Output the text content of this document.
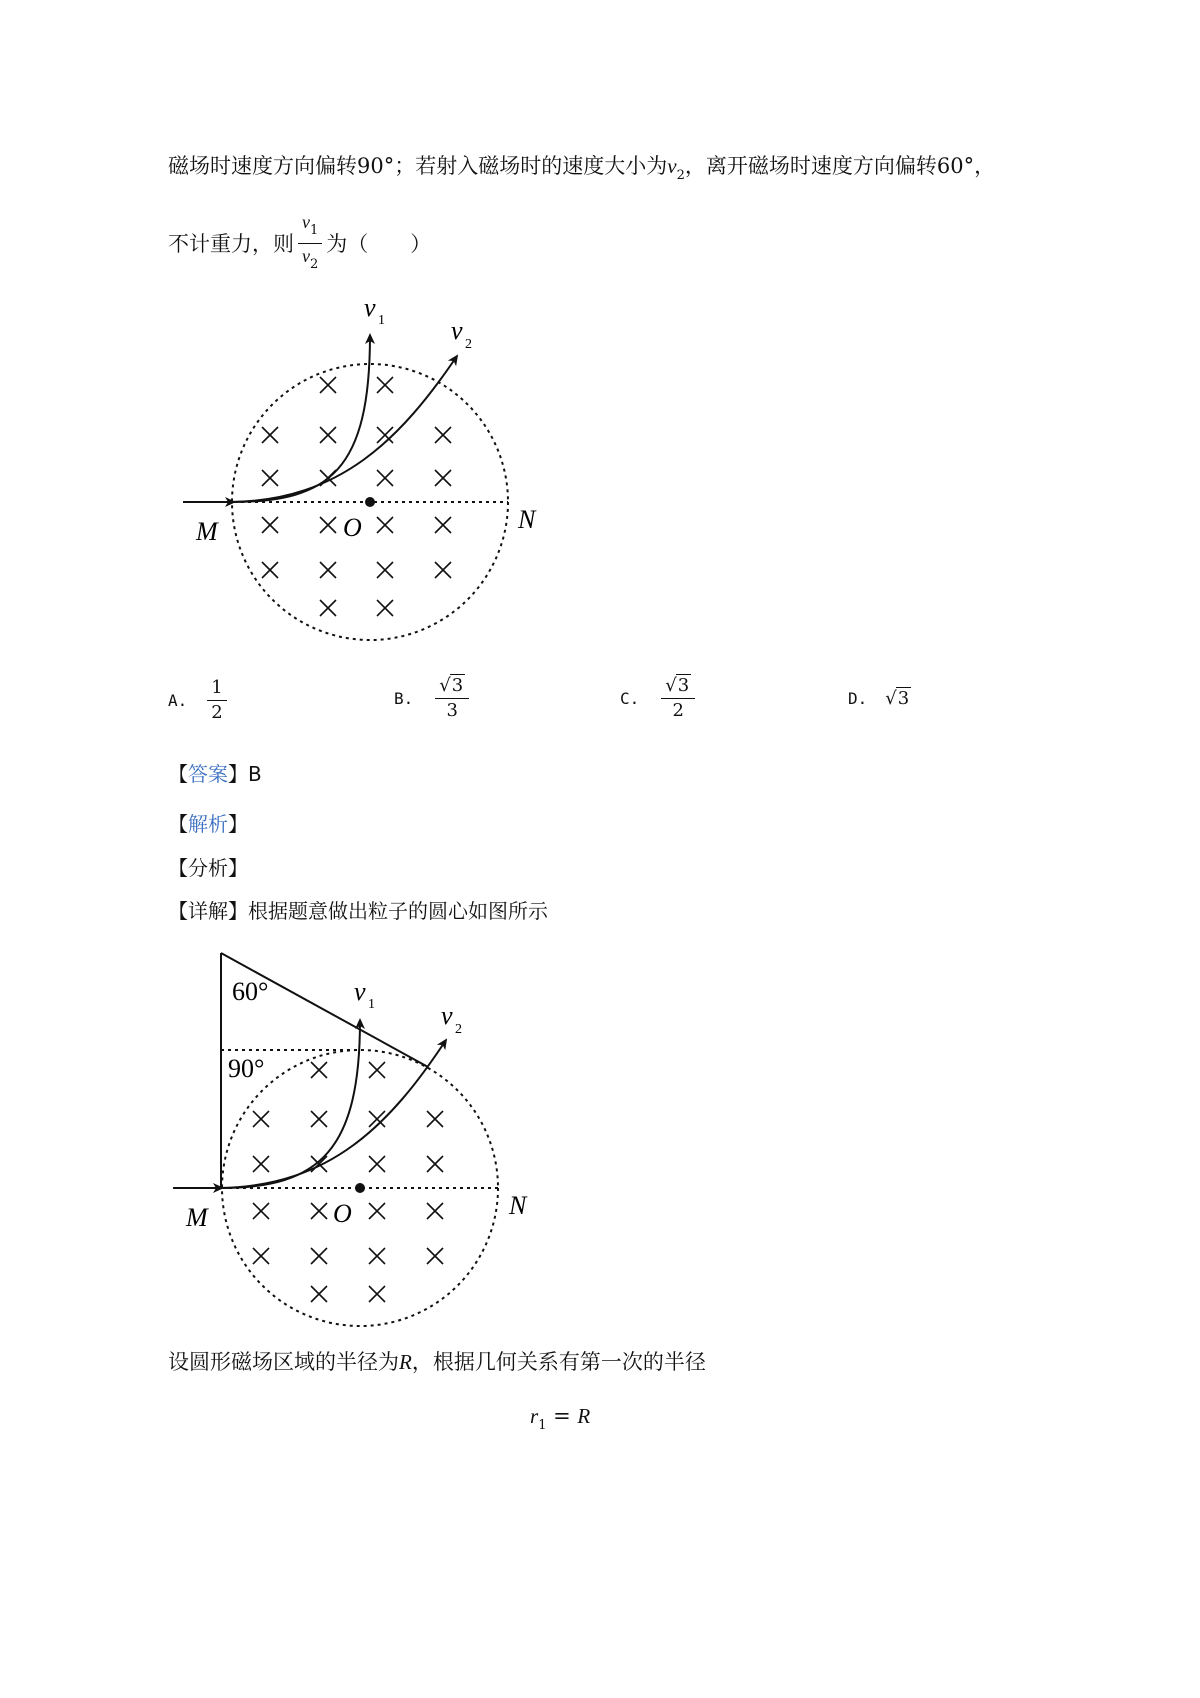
磁场时速度方向偏转90°；若射入磁场时的速度大小为$v_2$，离开磁场时速度方向偏转60°，
不计重力，则 $\frac{v_1}{v_2}$ 为（　　）
v 1	v 2
M	O	N
A. $\frac{1}{2}$	B. $\frac{√3}{3}$	C. $\frac{√3}{2}$	D. √3
【答案】B
【解析】
【分析】
【详解】根据题意做出粒子的圆心如图所示
60°
90°
v 1	v 2
M	O	N
设圆形磁场区域的半径为R，根据几何关系有第一次的半径
$r_1 = R$
